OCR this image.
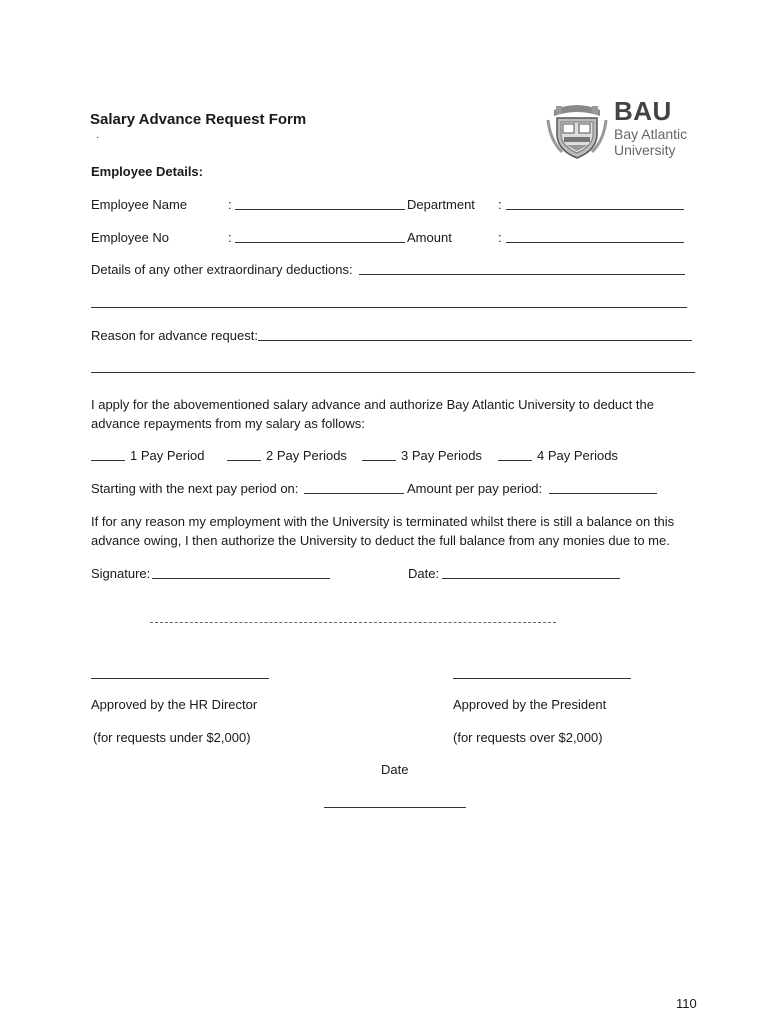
Salary Advance Request Form
·
BAU
Bay Atlantic
University
Employee Details:
Employee Name	:	Department :
Employee No	:	Amount	:
Details of any other extraordinary deductions:
Reason for advance request:
I apply for the abovementioned salary advance and authorize Bay Atlantic University to deduct the advance repayments from my salary as follows:
1 Pay Period	2 Pay Periods	3 Pay Periods	4 Pay Periods
Starting with the next pay period on:	Amount per pay period:
If for any reason my employment with the University is terminated whilst there is still a balance on this advance owing, I then authorize the University to deduct the full balance from any monies due to me.
Signature:	Date:
Approved by the HR Director	Approved by the President
(for requests under $2,000)	(for requests over $2,000)
Date
110
